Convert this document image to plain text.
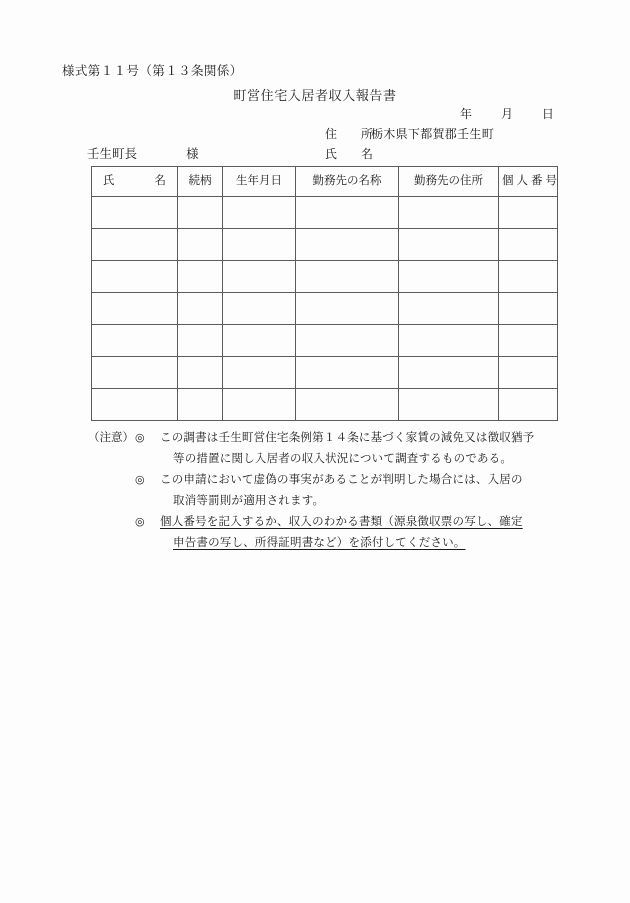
様式第１１号（第１３条関係）
町営住宅入居者収入報告書
年 月 日
住　所栃木県下都賀郡壬生町
氏　名
壬生町長	様
氏 名	続柄	生年月日	勤務先の名称	勤務先の住所	個人番号

（注意） ◎ この調書は壬生町営住宅条例第１４条に基づく家賃の減免又は徴収猶予
等の措置に関し入居者の収入状況について調査するものである。
◎ この申請において虚偽の事実があることが判明した場合には、入居の
取消等罰則が適用されます。
◎ 個人番号を記入するか、収入のわかる書類（源泉徴収票の写し、確定
申告書の写し、所得証明書など）を添付してください。
